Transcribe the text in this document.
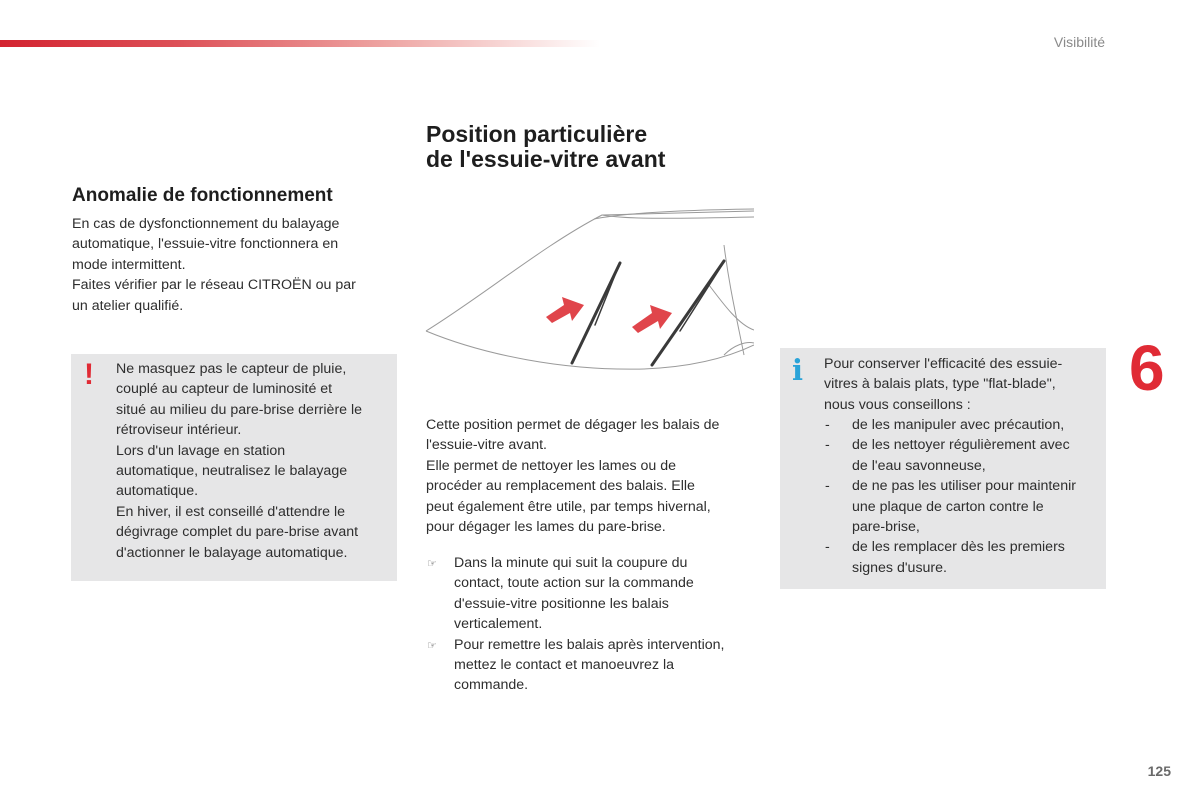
Visibilité
Position particulière
de l'essuie-vitre avant
Anomalie de fonctionnement

En cas de dysfonctionnement du balayage
automatique, l'essuie-vitre fonctionnera en
mode intermittent.
Faites vérifier par le réseau CITROËN ou par
un atelier qualifié.

! Ne masquez pas le capteur de pluie,
couplé au capteur de luminosité et
situé au milieu du pare-brise derrière le
rétroviseur intérieur.
Lors d'un lavage en station
automatique, neutralisez le balayage
automatique.
En hiver, il est conseillé d'attendre le
dégivrage complet du pare-brise avant
d'actionner le balayage automatique.

Cette position permet de dégager les balais de
l'essuie-vitre avant.
Elle permet de nettoyer les lames ou de
procéder au remplacement des balais. Elle
peut également être utile, par temps hivernal,
pour dégager les lames du pare-brise.

☞ Dans la minute qui suit la coupure du
contact, toute action sur la commande
d'essuie-vitre positionne les balais
verticalement.
☞ Pour remettre les balais après intervention,
mettez le contact et manoeuvrez la
commande.
i Pour conserver l'efficacité des essuie-
vitres à balais plats, type "flat-blade",
nous vous conseillons :

- de les manipuler avec précaution,
- de les nettoyer régulièrement avec
de l'eau savonneuse,
- de ne pas les utiliser pour maintenir
une plaque de carton contre le
pare-brise,
- de les remplacer dès les premiers
signes d'usure.
6
125
